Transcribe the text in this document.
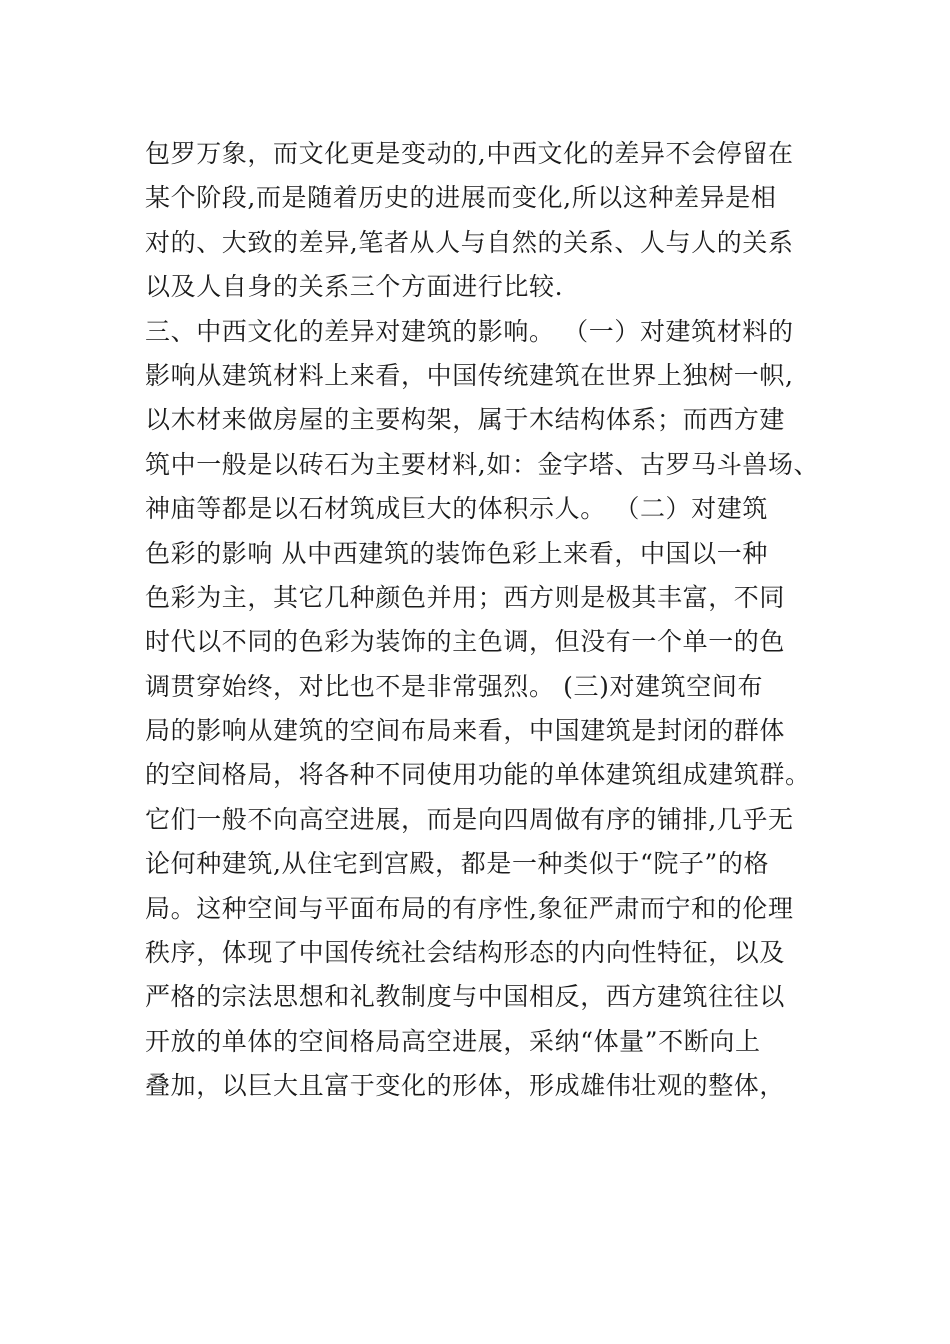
包罗万象，而文化更是变动的,中西文化的差异不会停留在
某个阶段,而是随着历史的进展而变化,所以这种差异是相
对的、大致的差异,笔者从人与自然的关系、人与人的关系
以及人自身的关系三个方面进行比较.
三、中西文化的差异对建筑的影响。 （一）对建筑材料的
影响从建筑材料上来看，中国传统建筑在世界上独树一帜,
以木材来做房屋的主要构架，属于木结构体系；而西方建
筑中一般是以砖石为主要材料,如：金字塔、古罗马斗兽场、
神庙等都是以石材筑成巨大的体积示人。 （二）对建筑
色彩的影响 从中西建筑的装饰色彩上来看，中国以一种
色彩为主，其它几种颜色并用；西方则是极其丰富，不同
时代以不同的色彩为装饰的主色调，但没有一个单一的色
调贯穿始终，对比也不是非常强烈。 (三)对建筑空间布
局的影响从建筑的空间布局来看，中国建筑是封闭的群体
的空间格局，将各种不同使用功能的单体建筑组成建筑群。
它们一般不向高空进展，而是向四周做有序的铺排,几乎无
论何种建筑,从住宅到宫殿，都是一种类似于“院子”的格
局。这种空间与平面布局的有序性,象征严肃而宁和的伦理
秩序，体现了中国传统社会结构形态的内向性特征，以及
严格的宗法思想和礼教制度与中国相反，西方建筑往往以
开放的单体的空间格局高空进展，采纳“体量”不断向上
叠加，以巨大且富于变化的形体，形成雄伟壮观的整体，
